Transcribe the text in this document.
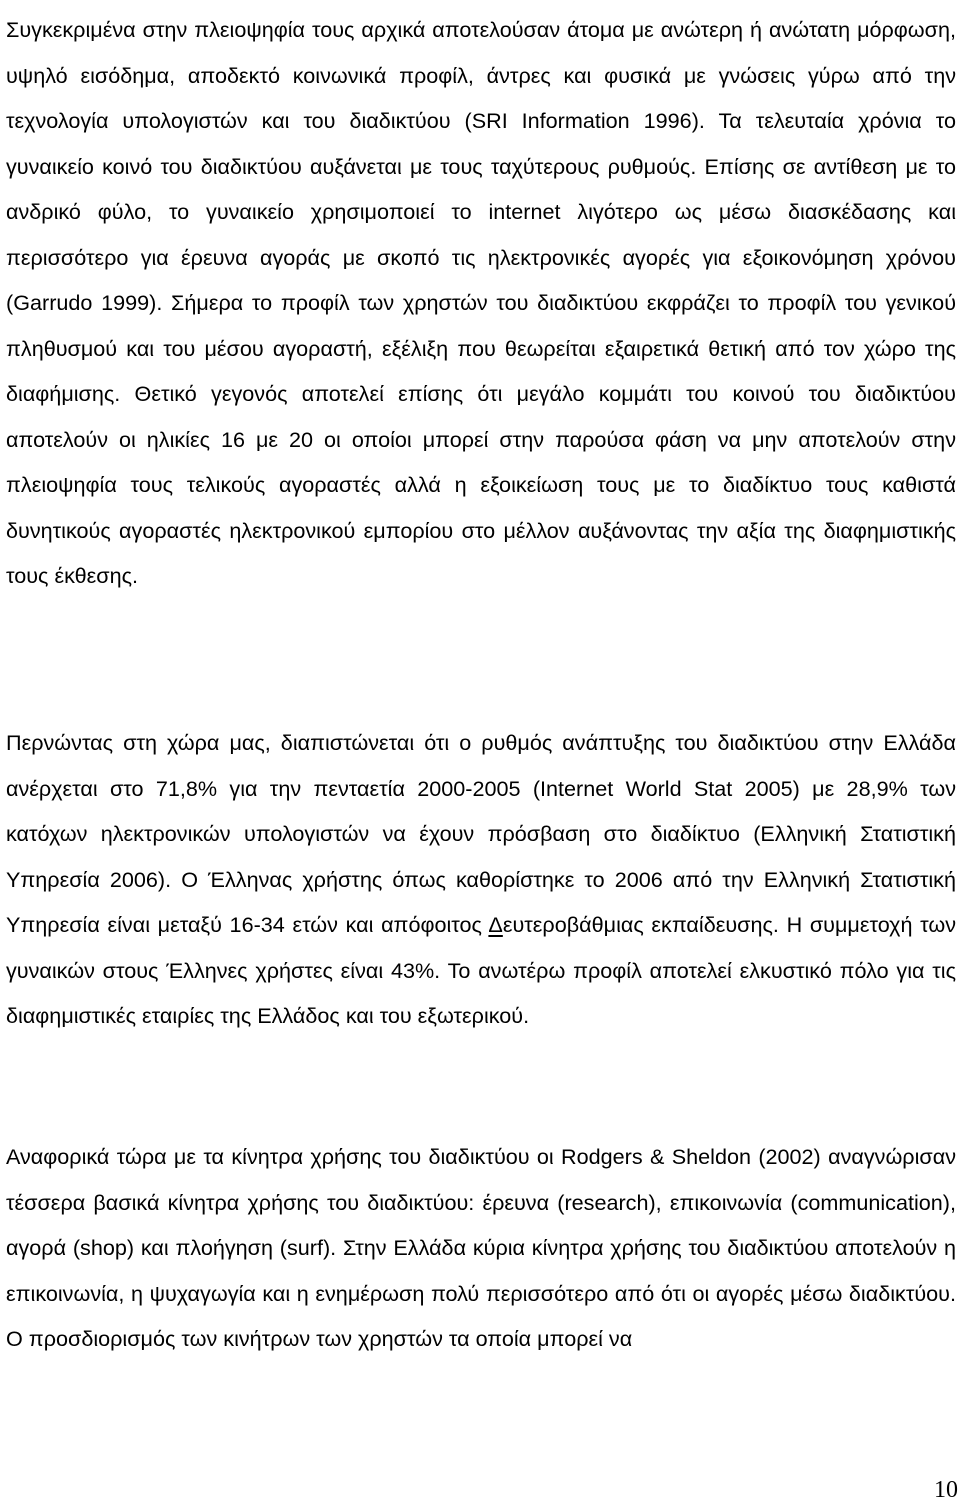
Συγκεκριμένα στην πλειοψηφία τους αρχικά αποτελούσαν άτομα με ανώτερη ή ανώτατη μόρφωση, υψηλό εισόδημα, αποδεκτό κοινωνικά προφίλ, άντρες και φυσικά με γνώσεις γύρω από την τεχνολογία υπολογιστών και του διαδικτύου (SRI Information 1996). Τα τελευταία χρόνια το γυναικείο κοινό του διαδικτύου αυξάνεται με τους ταχύτερους ρυθμούς. Επίσης σε αντίθεση με το ανδρικό φύλο, το γυναικείο χρησιμοποιεί το internet λιγότερο ως μέσω διασκέδασης και περισσότερο για έρευνα αγοράς με σκοπό τις ηλεκτρονικές αγορές για εξοικονόμηση χρόνου (Garrudo 1999). Σήμερα το προφίλ των χρηστών του διαδικτύου εκφράζει το προφίλ του γενικού πληθυσμού και του μέσου αγοραστή, εξέλιξη που θεωρείται εξαιρετικά θετική από τον χώρο της διαφήμισης. Θετικό γεγονός αποτελεί επίσης ότι μεγάλο κομμάτι του κοινού του διαδικτύου αποτελούν οι ηλικίες 16 με 20 οι οποίοι μπορεί στην παρούσα φάση να μην αποτελούν στην πλειοψηφία τους τελικούς αγοραστές αλλά η εξοικείωση τους με το διαδίκτυο τους καθιστά δυνητικούς αγοραστές ηλεκτρονικού εμπορίου στο μέλλον αυξάνοντας την αξία της διαφημιστικής τους έκθεσης.

Περνώντας στη χώρα μας, διαπιστώνεται ότι ο ρυθμός ανάπτυξης του διαδικτύου στην Ελλάδα ανέρχεται στο 71,8% για την πενταετία 2000-2005 (Internet World Stat 2005) με 28,9% των κατόχων ηλεκτρονικών υπολογιστών να έχουν πρόσβαση στο διαδίκτυο (Ελληνική Στατιστική Υπηρεσία 2006). Ο Έλληνας χρήστης όπως καθορίστηκε το 2006 από την Ελληνική Στατιστική Υπηρεσία είναι μεταξύ 16-34 ετών και απόφοιτος Δευτεροβάθμιας εκπαίδευσης. Η συμμετοχή των γυναικών στους Έλληνες χρήστες είναι 43%. Το ανωτέρω προφίλ αποτελεί ελκυστικό πόλο για τις διαφημιστικές εταιρίες της Ελλάδος και του εξωτερικού.

Αναφορικά τώρα με τα κίνητρα χρήσης του διαδικτύου οι Rodgers & Sheldon (2002) αναγνώρισαν τέσσερα βασικά κίνητρα χρήσης του διαδικτύου: έρευνα (research), επικοινωνία (communication), αγορά (shop) και πλοήγηση (surf). Στην Ελλάδα κύρια κίνητρα χρήσης του διαδικτύου αποτελούν η επικοινωνία, η ψυχαγωγία και η ενημέρωση πολύ περισσότερο από ότι οι αγορές μέσω διαδικτύου. Ο προσδιορισμός των κινήτρων των χρηστών τα οποία μπορεί να

10
